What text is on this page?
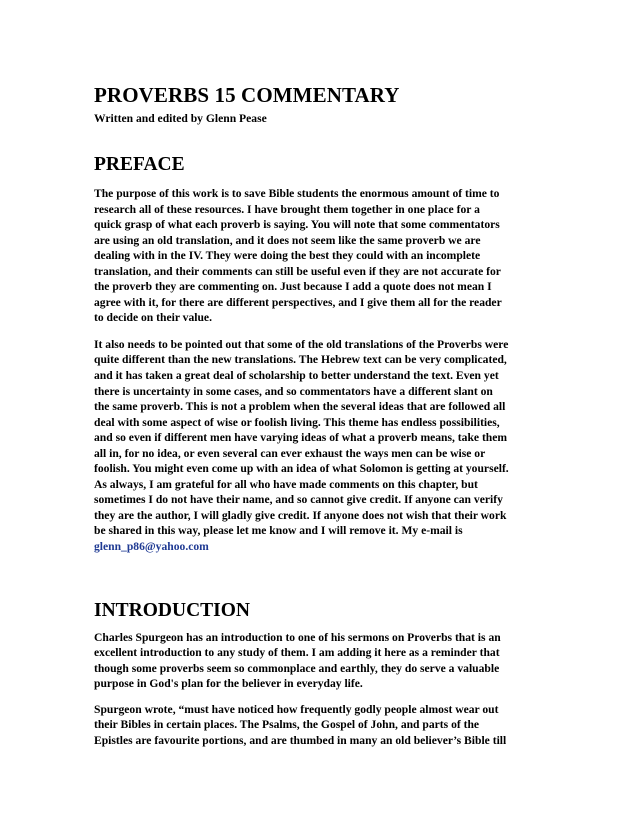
PROVERBS 15 COMMENTARY

Written and edited by Glenn Pease

PREFACE

The purpose of this work is to save Bible students the enormous amount of time to
research all of these resources. I have brought them together in one place for a
quick grasp of what each proverb is saying. You will note that some commentators
are using an old translation, and it does not seem like the same proverb we are
dealing with in the IV. They were doing the best they could with an incomplete
translation, and their comments can still be useful even if they are not accurate for
the proverb they are commenting on. Just because I add a quote does not mean I
agree with it, for there are different perspectives, and I give them all for the reader
to decide on their value.

It also needs to be pointed out that some of the old translations of the Proverbs were
quite different than the new translations. The Hebrew text can be very complicated,
and it has taken a great deal of scholarship to better understand the text. Even yet
there is uncertainty in some cases, and so commentators have a different slant on
the same proverb. This is not a problem when the several ideas that are followed all
deal with some aspect of wise or foolish living. This theme has endless possibilities,
and so even if different men have varying ideas of what a proverb means, take them
all in, for no idea, or even several can ever exhaust the ways men can be wise or
foolish. You might even come up with an idea of what Solomon is getting at yourself.
As always, I am grateful for all who have made comments on this chapter, but
sometimes I do not have their name, and so cannot give credit. If anyone can verify
they are the author, I will gladly give credit. If anyone does not wish that their work
be shared in this way, please let me know and I will remove it. My e-mail is
glenn_p86@yahoo.com

INTRODUCTION

Charles Spurgeon has an introduction to one of his sermons on Proverbs that is an
excellent introduction to any study of them. I am adding it here as a reminder that
though some proverbs seem so commonplace and earthly, they do serve a valuable
purpose in God's plan for the believer in everyday life.

Spurgeon wrote, “must have noticed how frequently godly people almost wear out
their Bibles in certain places. The Psalms, the Gospel of John, and parts of the
Epistles are favourite portions, and are thumbed in many an old believer’s Bible till
